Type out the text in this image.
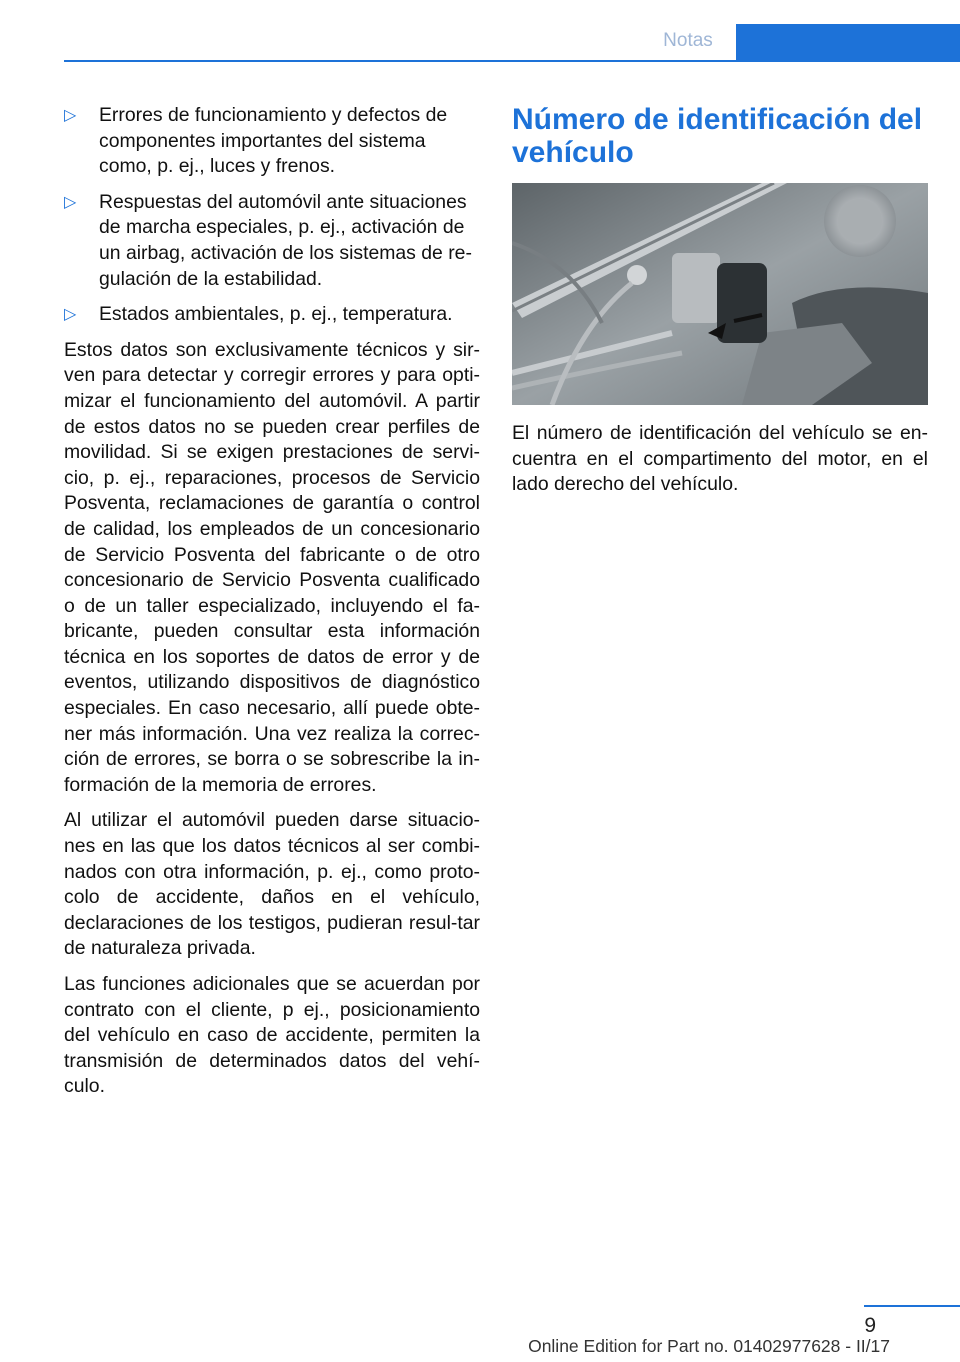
Notas
▷ Errores de funcionamiento y defectos de componentes importantes del sistema como, p. ej., luces y frenos.
▷ Respuestas del automóvil ante situaciones de marcha especiales, p. ej., activación de un airbag, activación de los sistemas de re‐gulación de la estabilidad.
▷ Estados ambientales, p. ej., temperatura.

Estos datos son exclusivamente técnicos y sir‐ven para detectar y corregir errores y para opti‐mizar el funcionamiento del automóvil. A partir de estos datos no se pueden crear perfiles de movilidad. Si se exigen prestaciones de servi‐cio, p. ej., reparaciones, procesos de Servicio Posventa, reclamaciones de garantía o control de calidad, los empleados de un concesionario de Servicio Posventa del fabricante o de otro concesionario de Servicio Posventa cualificado o de un taller especializado, incluyendo el fa‐bricante, pueden consultar esta información técnica en los soportes de datos de error y de eventos, utilizando dispositivos de diagnóstico especiales. En caso necesario, allí puede obte‐ner más información. Una vez realiza la correc‐ción de errores, se borra o se sobrescribe la in‐formación de la memoria de errores.

Al utilizar el automóvil pueden darse situacio‐nes en las que los datos técnicos al ser combi‐nados con otra información, p. ej., como proto‐colo de accidente, daños en el vehículo, declaraciones de los testigos, pudieran resul‐tar de naturaleza privada.

Las funciones adicionales que se acuerdan por contrato con el cliente, p ej., posicionamiento del vehículo en caso de accidente, permiten la transmisión de determinados datos del vehí‐culo.

Número de identificación del vehículo

El número de identificación del vehículo se en‐cuentra en el compartimento del motor, en el lado derecho del vehículo.

9
Online Edition for Part no. 01402977628 - II/17
